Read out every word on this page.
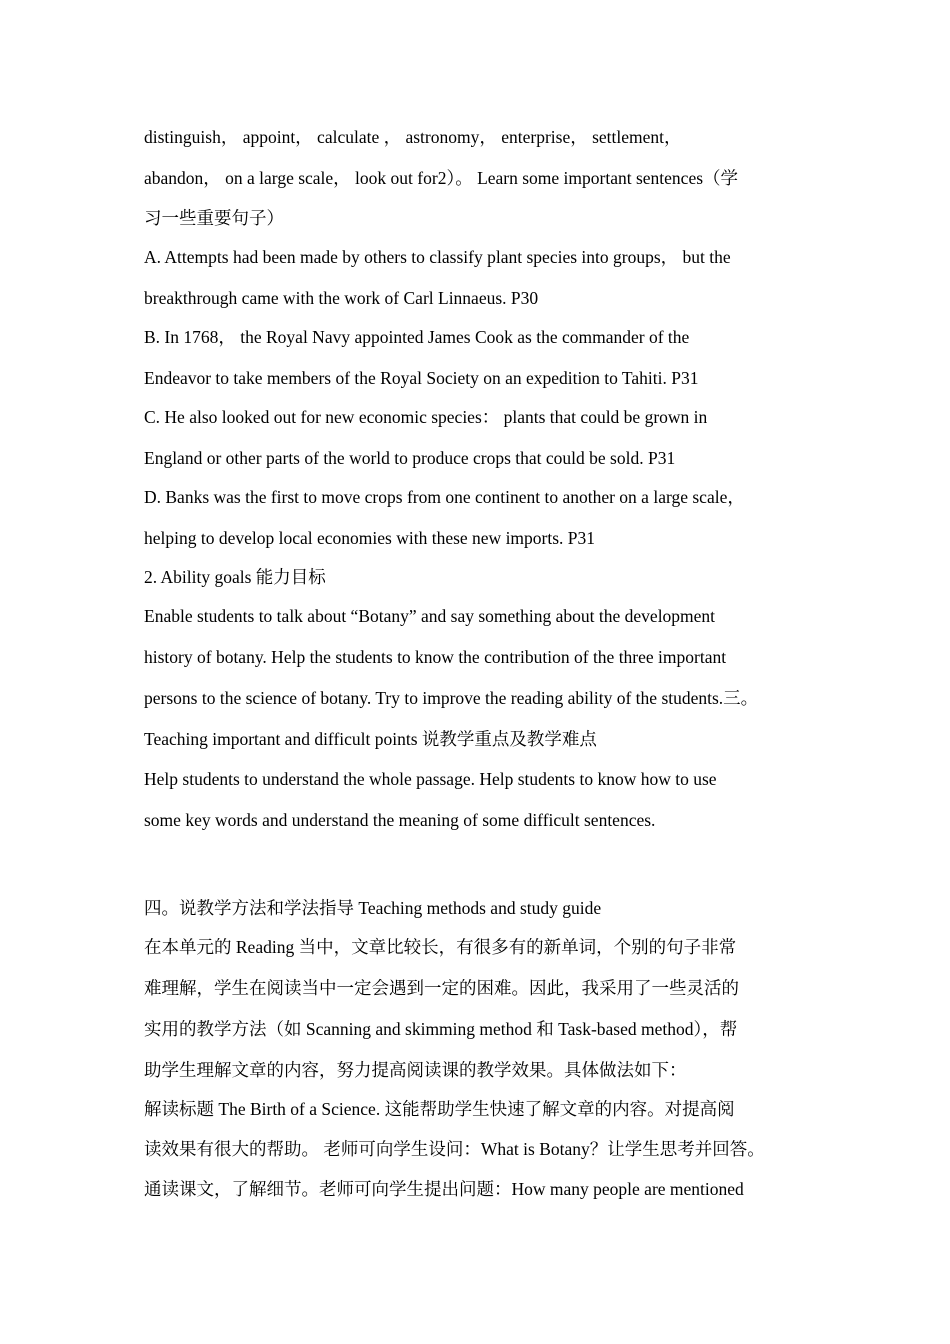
distinguish， appoint， calculate ， astronomy， enterprise， settlement，
abandon， on a large scale， look out for2）。 Learn some important sentences（学
习一些重要句子）
A. Attempts had been made by others to classify plant species into groups， but the
breakthrough came with the work of Carl Linnaeus. P30
B. In 1768， the Royal Navy appointed James Cook as the commander of the
Endeavor to take members of the Royal Society on an expedition to Tahiti. P31
C. He also looked out for new economic species： plants that could be grown in
England or other parts of the world to produce crops that could be sold. P31
D. Banks was the first to move crops from one continent to another on a large scale，
helping to develop local economies with these new imports. P31
2. Ability goals 能力目标
Enable students to talk about “Botany” and say something about the development
history of botany. Help the students to know the contribution of the three important
persons to the science of botany. Try to improve the reading ability of the students.三。
Teaching important and difficult points 说教学重点及教学难点
Help students to understand the whole passage. Help students to know how to use
some key words and understand the meaning of some difficult sentences.
四。说教学方法和学法指导 Teaching methods and study guide
在本单元的 Reading 当中，文章比较长，有很多有的新单词，个别的句子非常
难理解，学生在阅读当中一定会遇到一定的困难。因此，我采用了一些灵活的
实用的教学方法（如 Scanning and skimming method 和 Task-based method），帮
助学生理解文章的内容，努力提高阅读课的教学效果。具体做法如下：
解读标题 The Birth of a Science. 这能帮助学生快速了解文章的内容。对提高阅
读效果有很大的帮助。 老师可向学生设问：What is Botany？让学生思考并回答。
通读课文，了解细节。老师可向学生提出问题：How many people are mentioned
